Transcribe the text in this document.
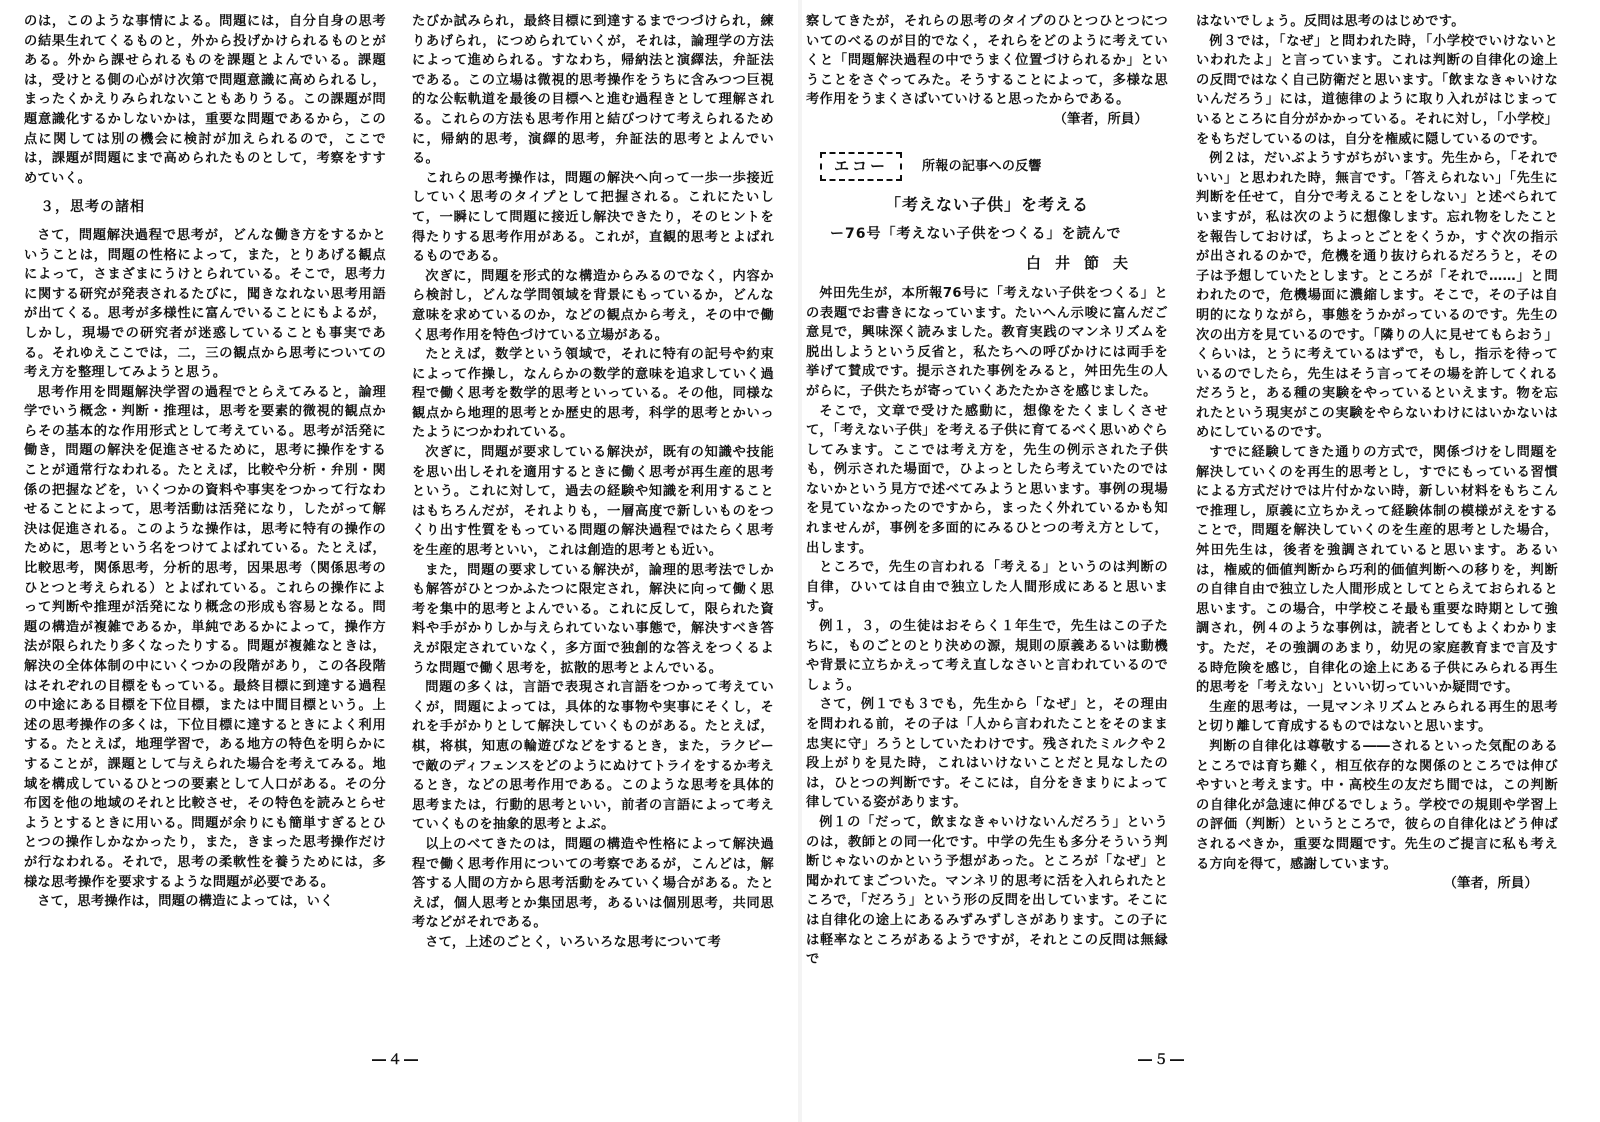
のは，このような事情による。問題には，自分自身の思考の結果生れてくるものと，外から投げかけられるものとがある。外から課せられるものを課題とよんでいる。課題は，受けとる側の心がけ次第で問題意識に高められるし，まったくかえりみられないこともありうる。この課題が問題意識化するかしないかは，重要な問題であるから，この点に関しては別の機会に検討が加えられるので，ここでは，課題が問題にまで高められたものとして，考察をすすめていく。

３，思考の諸相

さて，問題解決過程で思考が，どんな働き方をするかということは，問題の性格によって，また，とりあげる観点によって，さまざまにうけとられている。そこで，思考力に関する研究が発表されるたびに，聞きなれない思考用語が出てくる。思考が多様性に富んでいることにもよるが，しかし，現場での研究者が迷惑していることも事実である。それゆえここでは，二，三の観点から思考についての考え方を整理してみようと思う。

思考作用を問題解決学習の過程でとらえてみると，論理学でいう概念・判断・推理は，思考を要素的微視的観点からその基本的な作用形式として考えている。思考が活発に働き，問題の解決を促進させるために，思考に操作をすることが通常行なわれる。たとえば，比較や分析・弁別・関係の把握などを，いくつかの資料や事実をつかって行なわせることによって，思考活動は活発になり，したがって解決は促進される。このような操作は，思考に特有の操作のために，思考という名をつけてよばれている。たとえば，比較思考，関係思考，分析的思考，因果思考（関係思考のひとつと考えられる）とよばれている。これらの操作によって判断や推理が活発になり概念の形成も容易となる。問題の構造が複雑であるか，単純であるかによって，操作方法が限られたり多くなったりする。問題が複雑なときは，解決の全体体制の中にいくつかの段階があり，この各段階はそれぞれの目標をもっている。最終目標に到達する過程の中途にある目標を下位目標，または中間目標という。上述の思考操作の多くは，下位目標に達するときによく利用する。たとえば，地理学習で，ある地方の特色を明らかにすることが，課題として与えられた場合を考えてみる。地域を構成しているひとつの要素として人口がある。その分布図を他の地域のそれと比較させ，その特色を読みとらせようとするときに用いる。問題が余りにも簡単すぎるとひとつの操作しかなかったり，また，きまった思考操作だけが行なわれる。それで，思考の柔軟性を養うためには，多様な思考操作を要求するような問題が必要である。

さて，思考操作は，問題の構造によっては，いく

たびか試みられ，最終目標に到達するまでつづけられ，練りあげられ，につめられていくが，それは，論理学の方法によって進められる。すなわち，帰納法と演繹法，弁証法である。この立場は微視的思考操作をうちに含みつつ巨視的な公転軌道を最後の目標へと進む過程きとして理解される。これらの方法も思考作用と結びつけて考えられるために，帰納的思考，演繹的思考，弁証法的思考とよんでいる。

これらの思考操作は，問題の解決へ向って一歩一歩接近していく思考のタイプとして把握される。これにたいして，一瞬にして問題に接近し解決できたり，そのヒントを得たりする思考作用がある。これが，直観的思考とよばれるものである。

次ぎに，問題を形式的な構造からみるのでなく，内容から検討し，どんな学問領域を背景にもっているか，どんな意味を求めているのか，などの観点から考え，その中で働く思考作用を特色づけている立場がある。

たとえば，数学という領域で，それに特有の記号や約束によって作操し，なんらかの数学的意味を追求していく過程で働く思考を数学的思考といっている。その他，同様な観点から地理的思考とか歴史的思考，科学的思考とかいったようにつかわれている。

次ぎに，問題が要求している解決が，既有の知識や技能を思い出しそれを適用するときに働く思考が再生産的思考という。これに対して，過去の経験や知識を利用することはもちろんだが，それよりも，一層高度で新しいものをつくり出す性質をもっている問題の解決過程ではたらく思考を生産的思考といい，これは創造的思考とも近い。

また，問題の要求している解決が，論理的思考法でしかも解答がひとつかふたつに限定され，解決に向って働く思考を集中的思考とよんでいる。これに反して，限られた資料や手がかりしか与えられていない事態で，解決すべき答えが限定されていなく，多方面で独創的な答えをつくるような問題で働く思考を，拡散的思考とよんでいる。

問題の多くは，言語で表現され言語をつかって考えていくが，問題によっては，具体的な事物や実事にそくし，それを手がかりとして解決していくものがある。たとえば，棋，将棋，知恵の輪遊びなどをするとき，また，ラクビーで敵のディフェンスをどのようにぬけてトライをするか考えるとき，などの思考作用である。このような思考を具体的思考または，行動的思考といい，前者の言語によって考えていくものを抽象的思考とよぶ。

以上のべてきたのは，問題の構造や性格によって解決過程で働く思考作用についての考察であるが，こんどは，解答する人間の方から思考活動をみていく場合がある。たとえば，個人思考とか集団思考，あるいは個別思考，共同思考などがそれである。

さて，上述のごとく，いろいろな思考について考

―４―

察してきたが，それらの思考のタイプのひとつひとつについてのべるのが目的でなく，それらをどのように考えていくと「問題解決過程の中でうまく位置づけられるか」ということをさぐってみた。そうすることによって，多様な思考作用をうまくさばいていけると思ったからである。

（筆者，所員）
エコー	所報の記事への反響
「考えない子供」を考える
ー76号「考えない子供をつくる」を読んで
白井節夫

舛田先生が，本所報76号に「考えない子供をつくる」との表題でお書きになっています。たいへん示唆に富んだご意見で，興味深く読みました。教育実践のマンネリズムを脱出しようという反省と，私たちへの呼びかけには両手を挙げて賛成です。提示された事例をみると，舛田先生の人がらに，子供たちが寄っていくあたたかさを感じました。

そこで，文章で受けた感動に，想像をたくましくさせて，「考えない子供」を考える子供に育てるべく思いめぐらしてみます。ここでは考え方を，先生の例示された子供も，例示された場面で，ひよっとしたら考えていたのではないかという見方で述べてみようと思います。事例の現場を見ていなかったのですから，まったく外れているかも知れませんが，事例を多面的にみるひとつの考え方として，出します。

ところで，先生の言われる「考える」というのは判断の自律，ひいては自由で独立した人間形成にあると思います。

例１，３，の生徒はおそらく１年生で，先生はこの子たちに，ものごとのとり決めの源，規則の原義あるいは動機や背景に立ちかえって考え直しなさいと言われているのでしょう。

さて，例１でも３でも，先生から「なぜ」と，その理由を問われる前，その子は「人から言われたことをそのまま忠実に守」ろうとしていたわけです。残されたミルクや２段上がりを見た時，これはいけないことだと見なしたのは，ひとつの判断です。そこには，自分をきまりによって律している姿があります。

例１の「だって，飲まなきゃいけないんだろう」というのは，教師との同一化です。中学の先生も多分そういう判断じゃないのかという予想があった。ところが「なぜ」と聞かれてまごついた。マンネリ的思考に活を入れられたところで，「だろう」という形の反問を出しています。そこには自律化の途上にあるみずみずしさがあります。この子には軽率なところがあるようですが，それとこの反問は無縁で

はないでしょう。反問は思考のはじめです。

例３では，「なぜ」と問われた時，「小学校でいけないといわれたよ」と言っています。これは判断の自律化の途上の反問ではなく自己防衛だと思います。「飲まなきゃいけないんだろう」には，道徳律のように取り入れがはじまっているところに自分がかかっている。それに対し，「小学校」をもちだしているのは，自分を権威に隠しているのです。

例２は，だいぶようすがちがいます。先生から，「それでいい」と思われた時，無言です。「答えられない」「先生に判断を任せて，自分で考えることをしない」と述べられていますが，私は次のように想像します。忘れ物をしたことを報告しておけば，ちよっとごとをくうか，すぐ次の指示が出されるのかで，危機を通り抜けられるだろうと，その子は予想していたとします。ところが「それで……」と問われたので，危機場面に濃縮します。そこで，その子は自明的になりながら，事態をうかがっているのです。先生の次の出方を見ているのです。「隣りの人に見せてもらおう」くらいは，とうに考えているはずで，もし，指示を待っているのでしたら，先生はそう言ってその場を許してくれるだろうと，ある種の実験をやっているといえます。物を忘れたという現実がこの実験をやらないわけにはいかないはめにしているのです。

すでに経験してきた通りの方式で，関係づけをし問題を解決していくのを再生的思考とし，すでにもっている習慣による方式だけでは片付かない時，新しい材料をもちこんで推理し，原義に立ちかえって経験体制の模様がえをすることで，問題を解決していくのを生産的思考とした場合，舛田先生は，後者を強調されていると思います。あるいは，権威的価値判断から巧利的価値判断への移りを，判断の自律自由で独立した人間形成としてとらえておられると思います。この場合，中学校こそ最も重要な時期として強調され，例４のような事例は，読者としてもよくわかります。ただ，その強調のあまり，幼児の家庭教育まで言及する時危険を感じ，自律化の途上にある子供にみられる再生的思考を「考えない」といい切っていいか疑問です。

生産的思考は，一見マンネリズムとみられる再生的思考と切り離して育成するものではないと思います。

判断の自律化は尊敬する――されるといった気配のあるところでは育ち難く，相互依存的な関係のところでは伸びやすいと考えます。中・高校生の友だち間では，この判断の自律化が急速に伸びるでしょう。学校での規則や学習上の評価（判断）というところで，彼らの自律化はどう伸ばされるべきか，重要な問題です。先生のご提言に私も考える方向を得て，感謝しています。

（筆者，所員）
―５―
